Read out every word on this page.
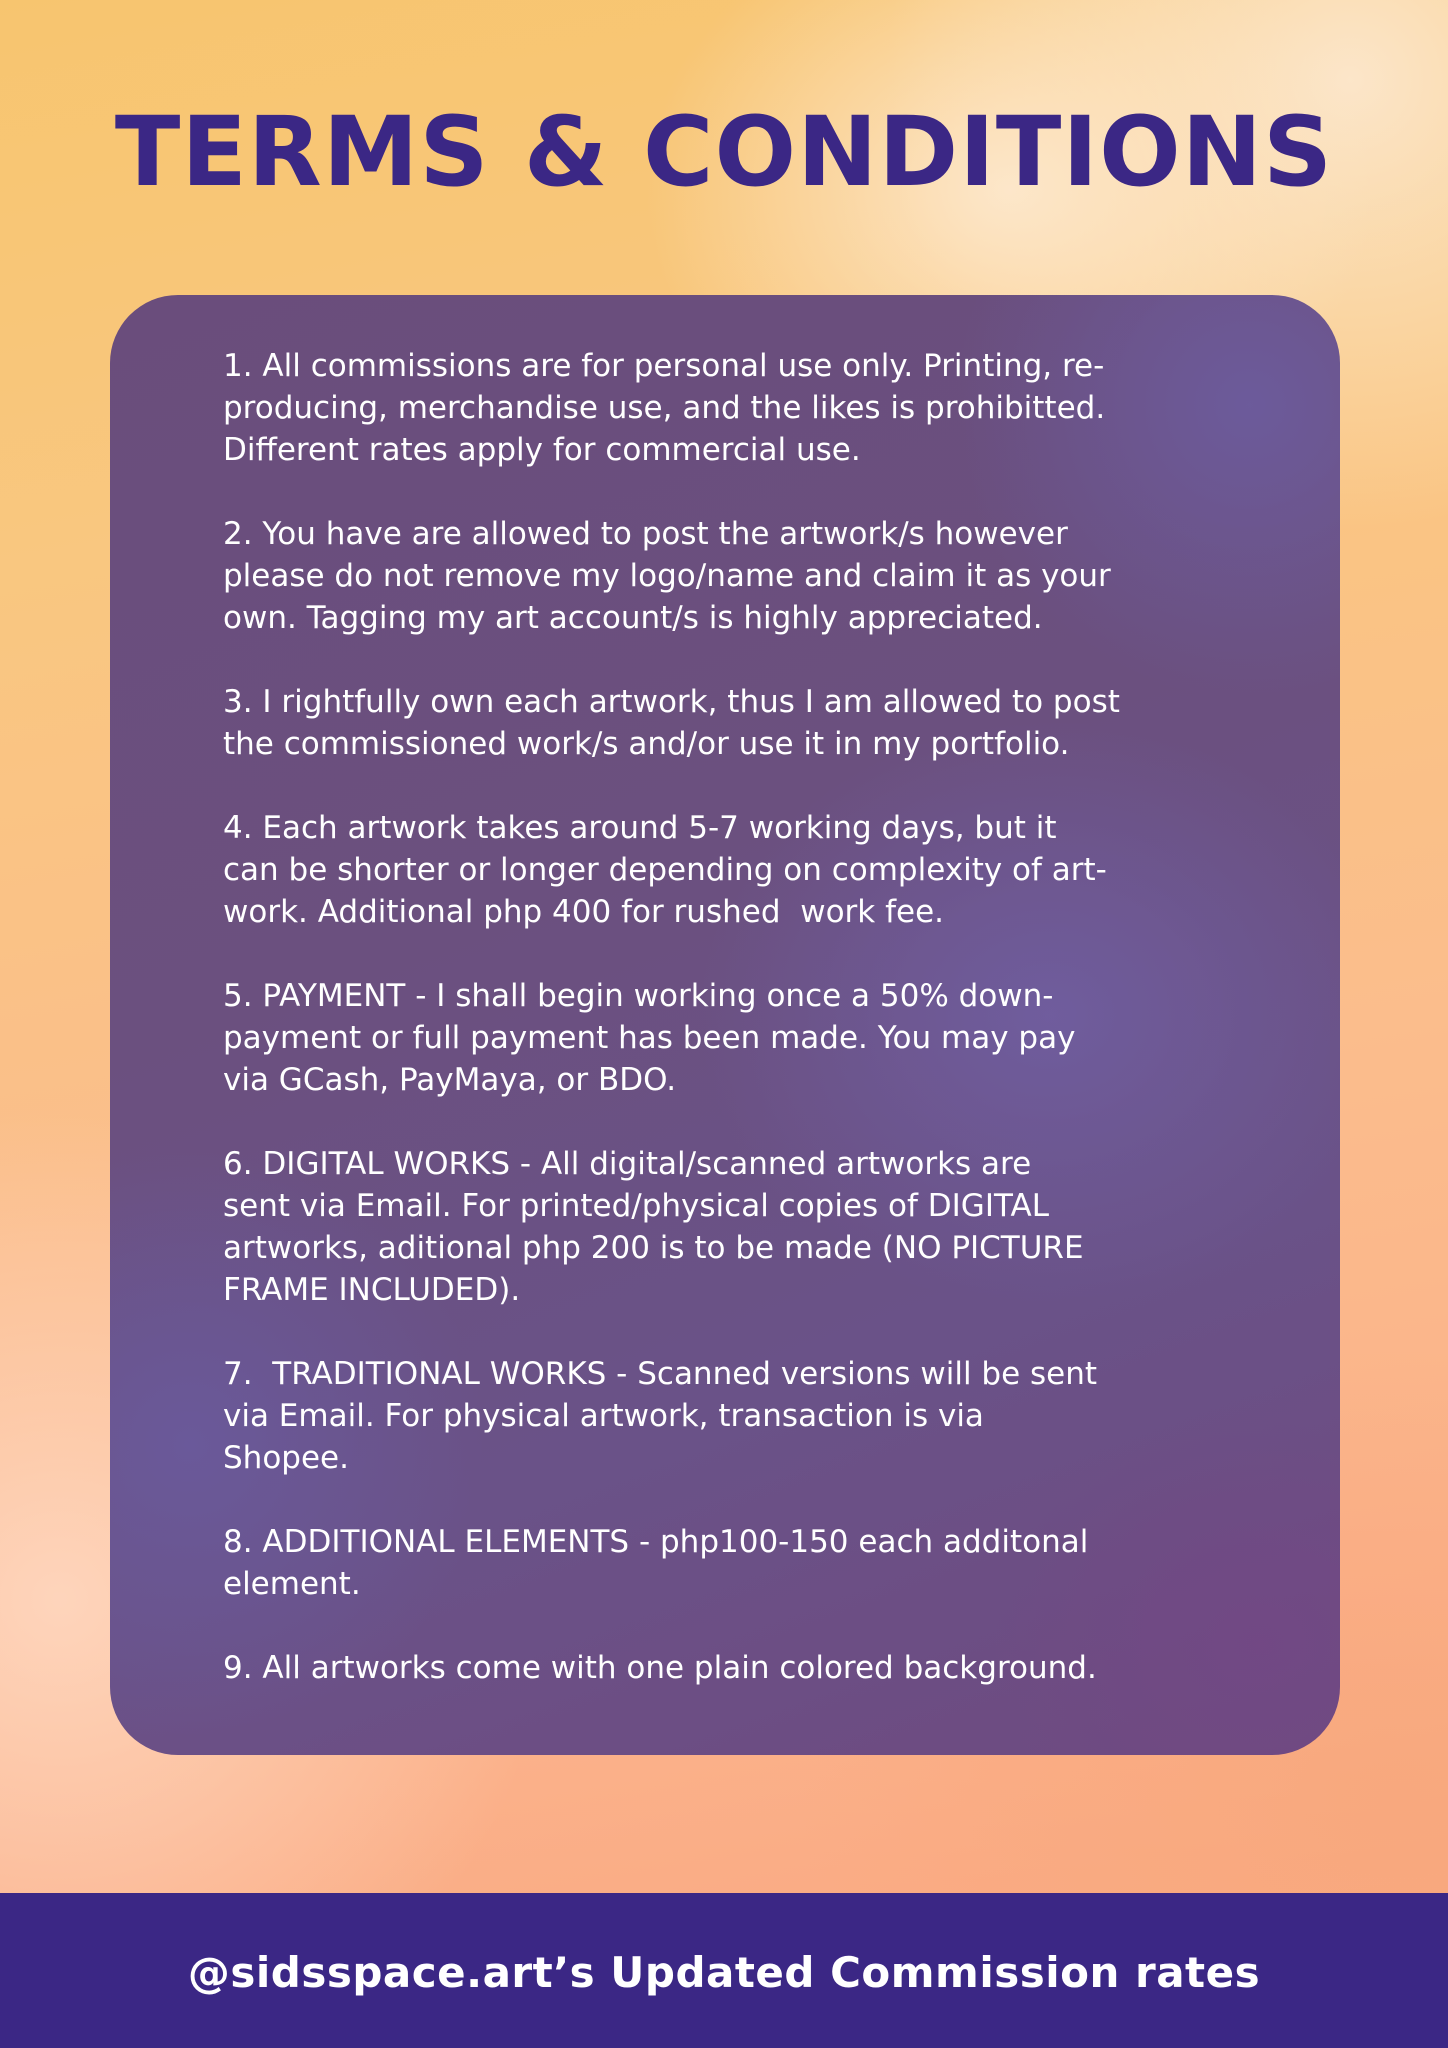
TERMS & CONDITIONS

1. All commissions are for personal use only. Printing, re-
producing, merchandise use, and the likes is prohibitted.
Different rates apply for commercial use.

2. You have are allowed to post the artwork/s however
please do not remove my logo/name and claim it as your
own. Tagging my art account/s is highly appreciated.

3. I rightfully own each artwork, thus I am allowed to post
the commissioned work/s and/or use it in my portfolio.

4. Each artwork takes around 5-7 working days, but it
can be shorter or longer depending on complexity of art-
work. Additional php 400 for rushed  work fee.

5. PAYMENT - I shall begin working once a 50% down-
payment or full payment has been made. You may pay
via GCash, PayMaya, or BDO.

6. DIGITAL WORKS - All digital/scanned artworks are
sent via Email. For printed/physical copies of DIGITAL
artworks, aditional php 200 is to be made (NO PICTURE
FRAME INCLUDED).

7.  TRADITIONAL WORKS - Scanned versions will be sent
via Email. For physical artwork, transaction is via
Shopee.

8. ADDITIONAL ELEMENTS - php100-150 each additonal
element.

9. All artworks come with one plain colored background.

@sidsspace.art’s Updated Commission rates
